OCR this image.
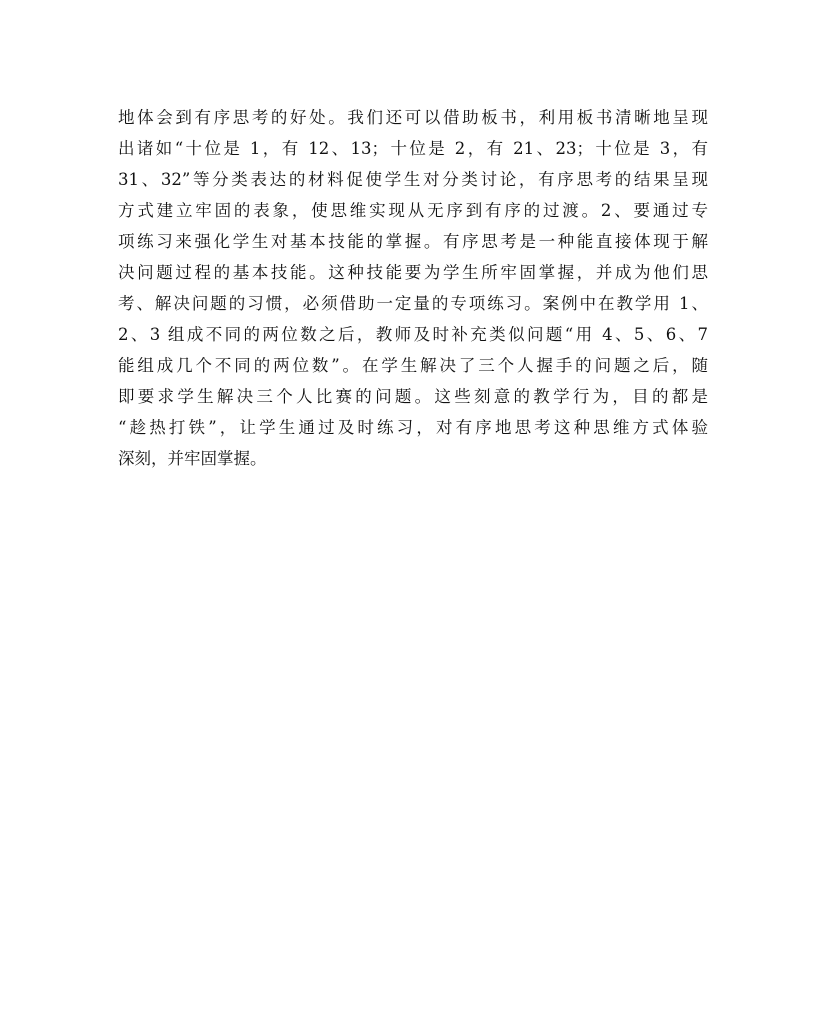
地体会到有序思考的好处。我们还可以借助板书，利用板书清晰地呈现
出诸如“十位是 1，有 12、13；十位是 2，有 21、23；十位是 3，有
31、32”等分类表达的材料促使学生对分类讨论，有序思考的结果呈现
方式建立牢固的表象，使思维实现从无序到有序的过渡。2、要通过专
项练习来强化学生对基本技能的掌握。有序思考是一种能直接体现于解
决问题过程的基本技能。这种技能要为学生所牢固掌握，并成为他们思
考、解决问题的习惯，必须借助一定量的专项练习。案例中在教学用 1、
2、3 组成不同的两位数之后，教师及时补充类似问题“用 4、5、6、7
能组成几个不同的两位数”。在学生解决了三个人握手的问题之后，随
即要求学生解决三个人比赛的问题。这些刻意的教学行为，目的都是
“趁热打铁”，让学生通过及时练习，对有序地思考这种思维方式体验
深刻，并牢固掌握。
